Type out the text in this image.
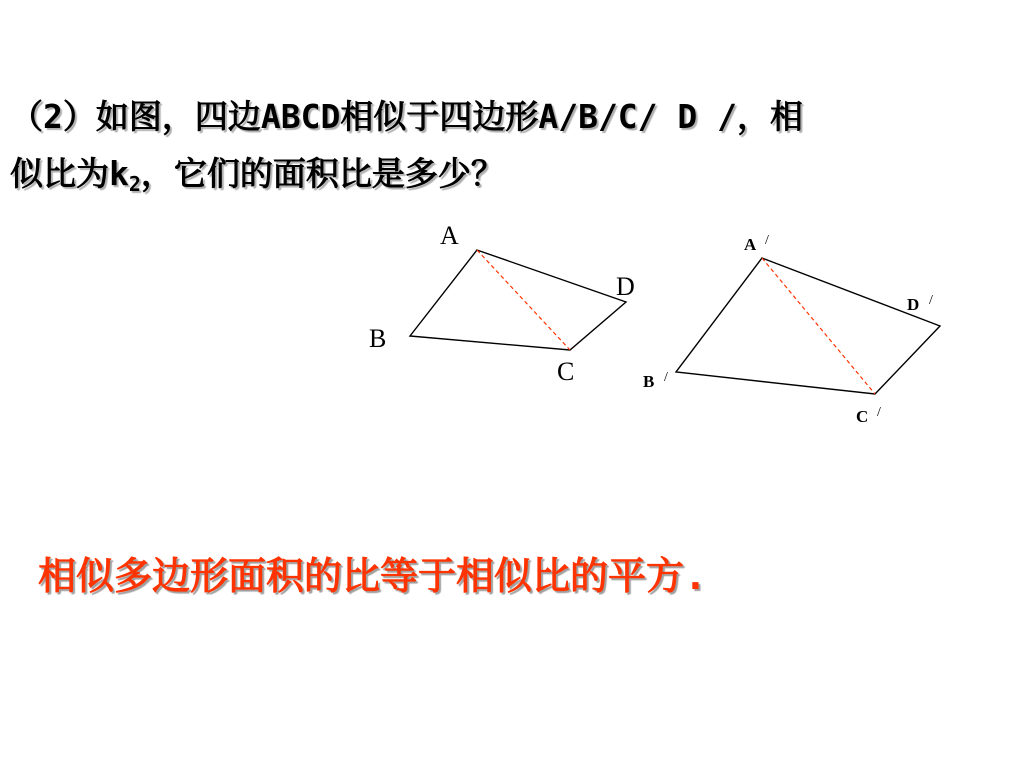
（2）如图，四边ABCD相似于四边形A/B/C/ D /，相
似比为$k_2$，它们的面积比是多少？
A
B
C
D
A /
B /
C /
D /
相似多边形面积的比等于相似比的平方.
